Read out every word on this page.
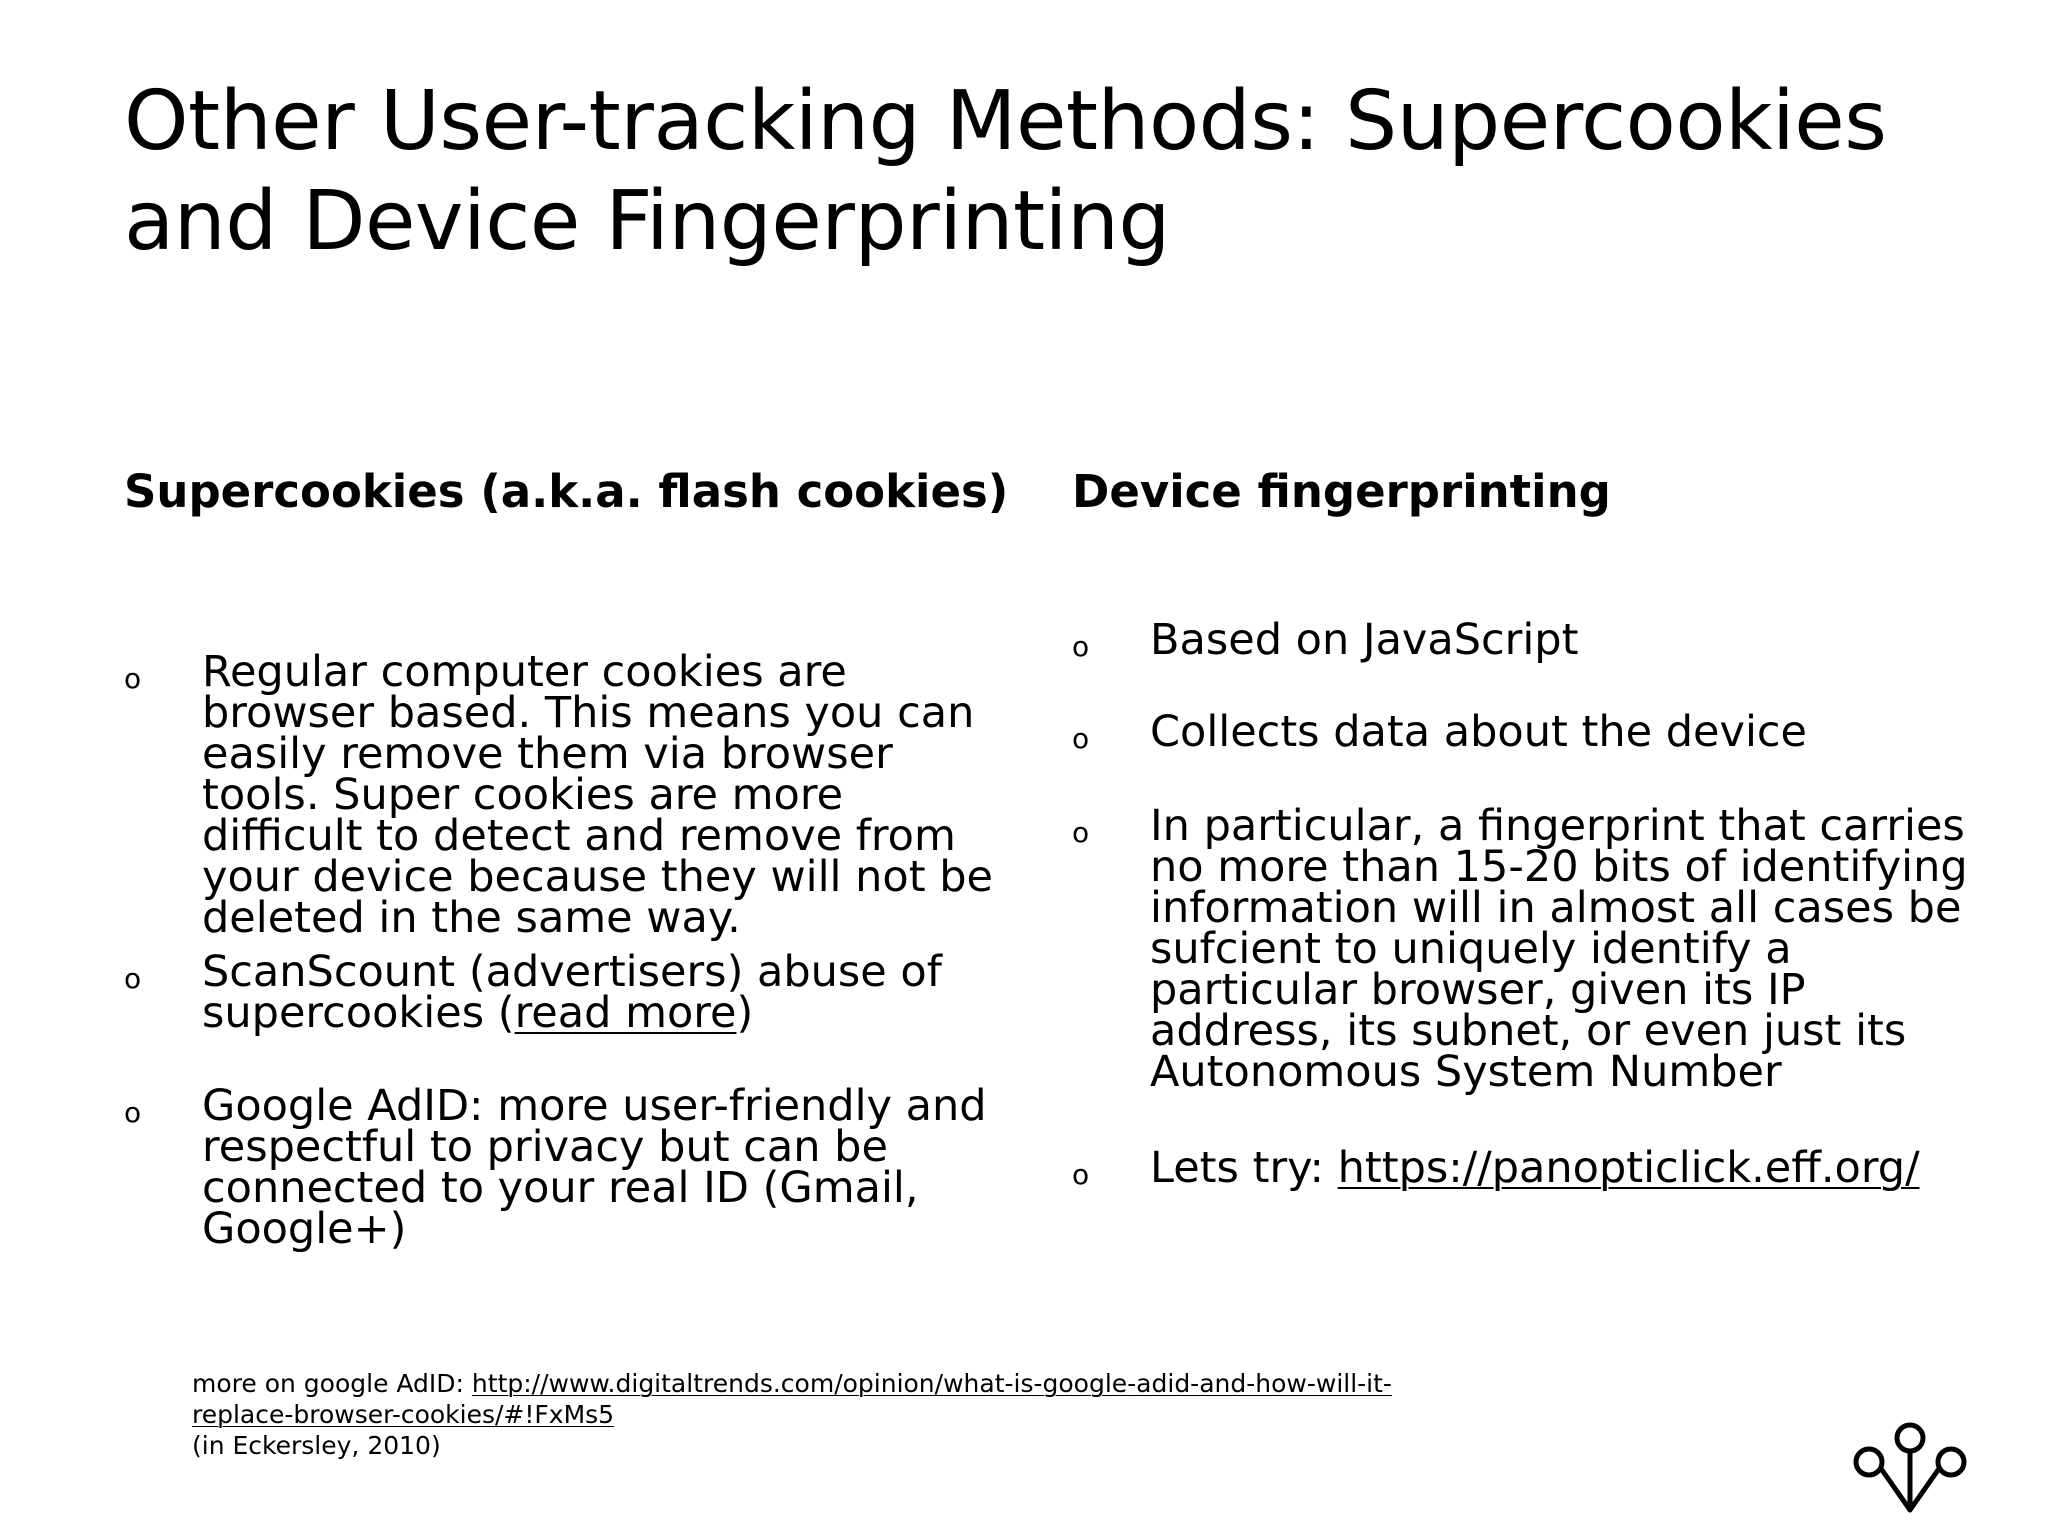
Other User-tracking Methods: Supercookies and Device Fingerprinting
Supercookies (a.k.a. flash cookies)
o Regular computer cookies are browser based. This means you can easily remove them via browser tools. Super cookies are more difficult to detect and remove from your device because they will not be deleted in the same way.
o ScanScount (advertisers) abuse of supercookies (read more)
o Google AdID: more user-friendly and respectful to privacy but can be connected to your real ID (Gmail, Google+)
Device fingerprinting
o Based on JavaScript
o Collects data about the device
o In particular, a fingerprint that carries no more than 15-20 bits of identifying information will in almost all cases be sufcient to uniquely identify a particular browser, given its IP address, its subnet, or even just its Autonomous System Number
o Lets try: https://panopticlick.eff.org/
more on google AdID: http://www.digitaltrends.com/opinion/what-is-google-adid-and-how-will-it-replace-browser-cookies/#!FxMs5
(in Eckersley, 2010)
